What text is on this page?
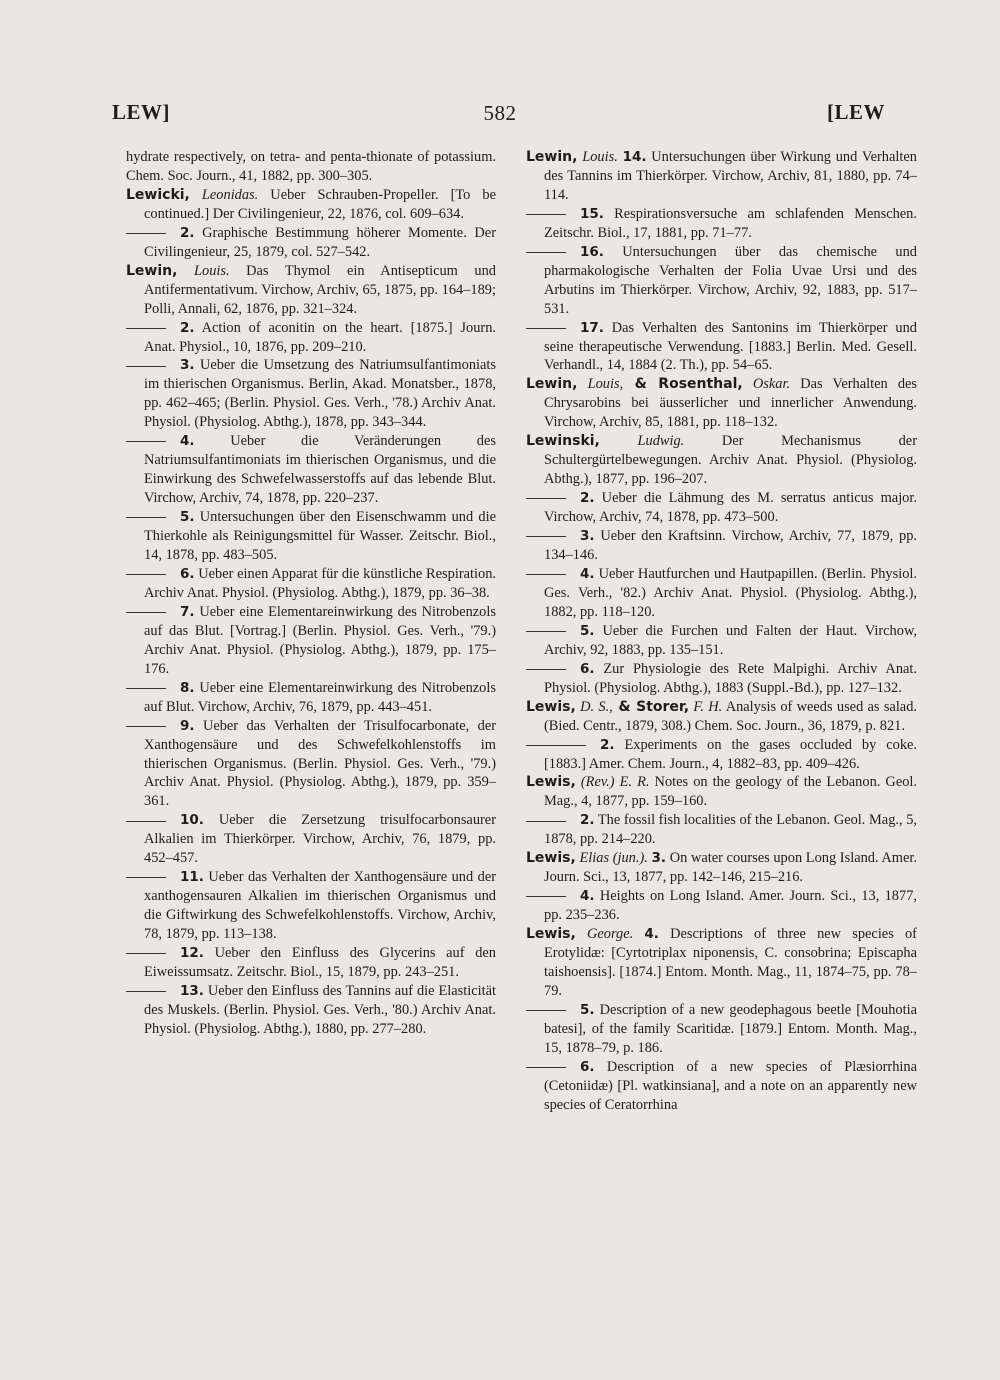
LEW]	582	[LEW
hydrate respectively, on tetra- and penta-thionate of potassium. Chem. Soc. Journ., 41, 1882, pp. 300–305.
Lewicki, Leonidas. Ueber Schrauben-Propeller. [To be continued.] Der Civilingenieur, 22, 1876, col. 609–634.
2. Graphische Bestimmung höherer Momente. Der Civilingenieur, 25, 1879, col. 527–542.
Lewin, Louis. Das Thymol ein Antisepticum und Antifermentativum. Virchow, Archiv, 65, 1875, pp. 164–189; Polli, Annali, 62, 1876, pp. 321–324.
2. Action of aconitin on the heart. [1875.] Journ. Anat. Physiol., 10, 1876, pp. 209–210.
3. Ueber die Umsetzung des Natriumsulfantimoniats im thierischen Organismus. Berlin, Akad. Monatsber., 1878, pp. 462–465; (Berlin. Physiol. Ges. Verh., '78.) Archiv Anat. Physiol. (Physiolog. Abthg.), 1878, pp. 343–344.
4. Ueber die Veränderungen des Natriumsulfantimoniats im thierischen Organismus, und die Einwirkung des Schwefelwasserstoffs auf das lebende Blut. Virchow, Archiv, 74, 1878, pp. 220–237.
5. Untersuchungen über den Eisenschwamm und die Thierkohle als Reinigungsmittel für Wasser. Zeitschr. Biol., 14, 1878, pp. 483–505.
6. Ueber einen Apparat für die künstliche Respiration. Archiv Anat. Physiol. (Physiolog. Abthg.), 1879, pp. 36–38.
7. Ueber eine Elementareinwirkung des Nitrobenzols auf das Blut. [Vortrag.] (Berlin. Physiol. Ges. Verh., '79.) Archiv Anat. Physiol. (Physiolog. Abthg.), 1879, pp. 175–176.
8. Ueber eine Elementareinwirkung des Nitrobenzols auf Blut. Virchow, Archiv, 76, 1879, pp. 443–451.
9. Ueber das Verhalten der Trisulfocarbonate, der Xanthogensäure und des Schwefelkohlenstoffs im thierischen Organismus. (Berlin. Physiol. Ges. Verh., '79.) Archiv Anat. Physiol. (Physiolog. Abthg.), 1879, pp. 359–361.
10. Ueber die Zersetzung trisulfocarbonsaurer Alkalien im Thierkörper. Virchow, Archiv, 76, 1879, pp. 452–457.
11. Ueber das Verhalten der Xanthogensäure und der xanthogensauren Alkalien im thierischen Organismus und die Giftwirkung des Schwefelkohlenstoffs. Virchow, Archiv, 78, 1879, pp. 113–138.
12. Ueber den Einfluss des Glycerins auf den Eiweissumsatz. Zeitschr. Biol., 15, 1879, pp. 243–251.
13. Ueber den Einfluss des Tannins auf die Elasticität des Muskels. (Berlin. Physiol. Ges. Verh., '80.) Archiv Anat. Physiol. (Physiolog. Abthg.), 1880, pp. 277–280.
Lewin, Louis. 14. Untersuchungen über Wirkung und Verhalten des Tannins im Thierkörper. Virchow, Archiv, 81, 1880, pp. 74–114.
15. Respirationsversuche am schlafenden Menschen. Zeitschr. Biol., 17, 1881, pp. 71–77.
16. Untersuchungen über das chemische und pharmakologische Verhalten der Folia Uvae Ursi und des Arbutins im Thierkörper. Virchow, Archiv, 92, 1883, pp. 517–531.
17. Das Verhalten des Santonins im Thierkörper und seine therapeutische Verwendung. [1883.] Berlin. Med. Gesell. Verhandl., 14, 1884 (2. Th.), pp. 54–65.
Lewin, Louis, & Rosenthal, Oskar. Das Verhalten des Chrysarobins bei äusserlicher und innerlicher Anwendung. Virchow, Archiv, 85, 1881, pp. 118–132.
Lewinski,	Ludwig. Der Mechanismus der Schultergürtelbewegungen. Archiv Anat. Physiol. (Physiolog. Abthg.), 1877, pp. 196–207.
2. Ueber die Lähmung des M. serratus anticus major. Virchow, Archiv, 74, 1878, pp. 473–500.
3. Ueber den Kraftsinn. Virchow, Archiv, 77, 1879, pp. 134–146.
4. Ueber Hautfurchen und Hautpapillen. (Berlin. Physiol. Ges. Verh., '82.) Archiv Anat. Physiol. (Physiolog. Abthg.), 1882, pp. 118–120.
5. Ueber die Furchen und Falten der Haut. Virchow, Archiv, 92, 1883, pp. 135–151.
6. Zur Physiologie des Rete Malpighi. Archiv Anat. Physiol. (Physiolog. Abthg.), 1883 (Suppl.-Bd.), pp. 127–132.
Lewis, D. S., & Storer, F. H. Analysis of weeds used as salad. (Bied. Centr., 1879, 308.) Chem. Soc. Journ., 36, 1879, p. 821.
2. Experiments on the gases occluded by coke. [1883.] Amer. Chem. Journ., 4, 1882–83, pp. 409–426.
Lewis, (Rev.) E. R. Notes on the geology of the Lebanon. Geol. Mag., 4, 1877, pp. 159–160.
2. The fossil fish localities of the Lebanon. Geol. Mag., 5, 1878, pp. 214–220.
Lewis, Elias (jun.). 3. On water courses upon Long Island. Amer. Journ. Sci., 13, 1877, pp. 142–146, 215–216.
4. Heights on Long Island. Amer. Journ. Sci., 13, 1877, pp. 235–236.
Lewis, George. 4. Descriptions of three new species of Erotylidæ: [Cyrtotriplax niponensis, C. consobrina; Episcapha taishoensis]. [1874.] Entom. Month. Mag., 11, 1874–75, pp. 78–79.
5. Description of a new geodephagous beetle [Mouhotia batesi], of the family Scaritidæ. [1879.] Entom. Month. Mag., 15, 1878–79, p. 186.
6. Description of a new species of Plæsiorrhina (Cetoniidæ) [Pl. watkinsiana], and a note on an apparently new species of Ceratorrhina
